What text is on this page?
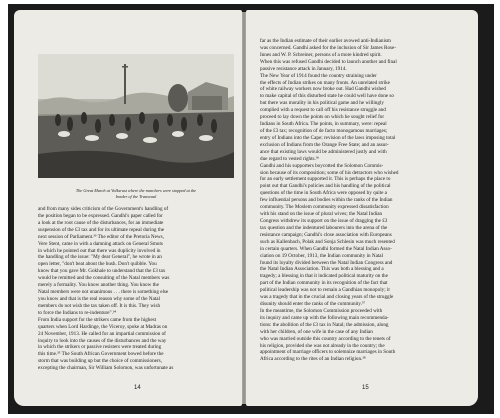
The Great March at Volksrust where the marchers were stopped at the
border of the Transvaal
and from many sides criticism of the Government's handling of
the position began to be expressed. Gandhi's paper called for
a look at the root cause of the disturbances, for an immediate
suspension of the £3 tax and for its ultimate repeal during the
next session of Parliament.³³ The editor of the Pretoria News,
Vere Stent, came in with a damning attack on General Smuts
in which he pointed out that there was duplicity involved in
the handling of the issue: "My dear General", he wrote in an
open letter, "don't beat about the bush. Don't quibble. You
know that you gave Mr. Gokhale to understand that the £3 tax
would be remitted and the consulting of the Natal members was
merely a formality. You know another thing. You know the
Natal members were not unanimous . . . there is something else
you know and that is the real reason why some of the Natal
members do not wish the tax taken off. It is this. They wish
to force the Indians to re-indenture".³⁴
From India support for the strikers came from the highest
quarters when Lord Hardinge, the Viceroy, spoke at Madras on
24 November, 1913. He called for an impartial commission of
inquiry to look into the causes of the disturbances and the way
in which the strikers or passive resisters were treated during
this time.³⁵ The South African Government bowed before the
storm that was building up but the choice of commissioners,
excepting the chairman, Sir William Solomon, was unfortunate as
14
far as the Indian estimate of their earlier avowed anti-Indianism
was concerned. Gandhi asked for the inclusion of Sir James Rose-
Innes and W. P. Schreiner, persons of a more kindred spirit.
When this was refused Gandhi decided to launch another and final
passive resistance attack in January, 1914.
The New Year of 1914 found the country straining under
the effects of Indian strikes on many fronts. An unrelated strike
of white railway workers now broke out. Had Gandhi wished
to make capital of this disturbed state he could well have done so
but there was morality in his political game and he willingly
complied with a request to call off his resistance struggle and
proceed to lay down the points on which he sought relief for
Indians in South Africa. The points, in summary, were: repeal
of the £3 tax; recognition of de facto monogamous marriages;
entry of Indians into the Cape; revision of the laws imposing total
exclusion of Indians from the Orange Free State; and an assur-
ance that existing laws would be administered justly and with
due regard to vested rights.³⁶
Gandhi and his supporters boycotted the Solomon Commis-
sion because of its composition; some of his detractors who wished
for an early settlement supported it. This is perhaps the place to
point out that Gandhi's policies and his handling of the political
questions of the time in South Africa were opposed by quite a
few influential persons and bodies within the ranks of the Indian
community. The Moslem community expressed dissatisfaction
with his stand on the issue of plural wives; the Natal Indian
Congress withdrew its support on the issue of dragging the £3
tax question and the indentured labourers into the arena of the
resistance campaign; Gandhi's close association with Europeans
such as Kallenbach, Polak and Sonja Schlesin was much resented
in certain quarters. When Gandhi formed the Natal Indian Asso-
ciation on 19 October, 1913, the Indian community in Natal
found its loyalty divided between the Natal Indian Congress and
the Natal Indian Association. This was both a blessing and a
tragedy; a blessing in that it indicated political maturity on the
part of the Indian community in its recognition of the fact that
political leadership was not to remain a Gandhian monopoly; it
was a tragedy that in the crucial and closing years of the struggle
disunity should enter the ranks of the community.³⁷
In the meantime, the Solomon Commission proceeded with
its inquiry and came up with the following main recommenda-
tions: the abolition of the £3 tax in Natal; the admission, along
with her children, of one wife in the case of any Indian
who was married outside this country according to the tenets of
his religion, provided she was not already in the country; the
appointment of marriage officers to solemnize marriages in South
Africa according to the rites of an Indian religion.³⁸
15
